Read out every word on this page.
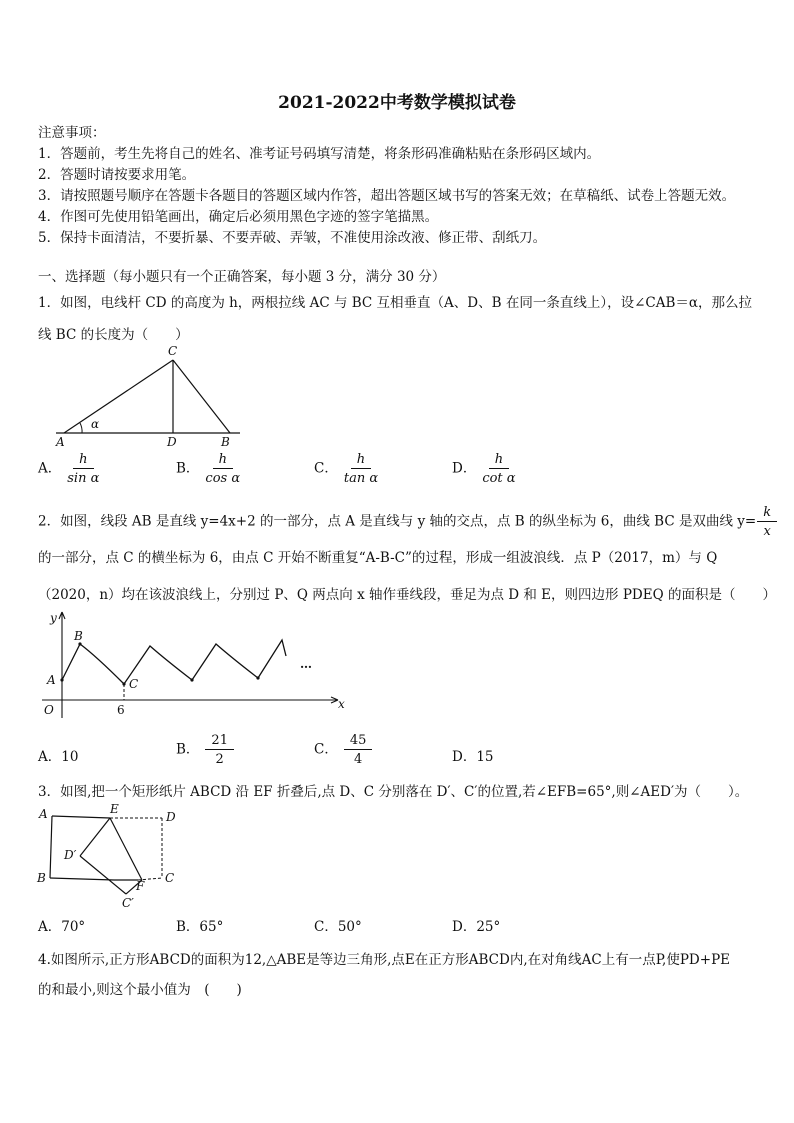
2021-2022中考数学模拟试卷
注意事项：
1．答题前，考生先将自己的姓名、准考证号码填写清楚，将条形码准确粘贴在条形码区域内。
2．答题时请按要求用笔。
3．请按照题号顺序在答题卡各题目的答题区域内作答，超出答题区域书写的答案无效；在草稿纸、试卷上答题无效。
4．作图可先使用铅笔画出，确定后必须用黑色字迹的签字笔描黑。
5．保持卡面清洁，不要折暴、不要弄破、弄皱，不准使用涂改液、修正带、刮纸刀。
一、选择题（每小题只有一个正确答案，每小题 3 分，满分 30 分）
1．如图，电线杆 CD 的高度为 h，两根拉线 AC 与 BC 互相垂直（A、D、B 在同一条直线上），设∠CAB＝α，那么拉
线 BC 的长度为（　　）
C
A	D	B
α
A． $\frac{h}{\text{sin α}}$	B． $\frac{h}{\text{cos α}}$	C． $\frac{h}{\text{tan α}}$	D． $\frac{h}{\text{cot α}}$
2．如图，线段 AB 是直线 y=4x+2 的一部分，点 A 是直线与 y 轴的交点，点 B 的纵坐标为 6，曲线 BC 是双曲线 $y= \frac{k}{x}$
的一部分，点 C 的横坐标为 6，由点 C 开始不断重复“A-B-C”的过程，形成一组波浪线．点 P（2017，m）与 Q
（2020，n）均在该波浪线上，分别过 P、Q 两点向 x 轴作垂线段，垂足为点 D 和 E，则四边形 PDEQ 的面积是（　　）
y
x
O
A
B
C
6
…
A．10	B． $\frac{21}{2}$	C． $\frac{45}{4}$	D．15
3．如图,把一个矩形纸片 ABCD 沿 EF 折叠后,点 D、C 分别落在 D′、C′的位置,若∠EFB=65°,则∠AED′为（　　）。
A	E
D
D′
B
F
C
C′
A．70°	B．65°	C．50°	D．25°
4.如图所示,正方形ABCD的面积为12,△ABE是等边三角形,点E在正方形ABCD内,在对角线AC上有一点P,使PD+PE
的和最小,则这个最小值为　(　　)
